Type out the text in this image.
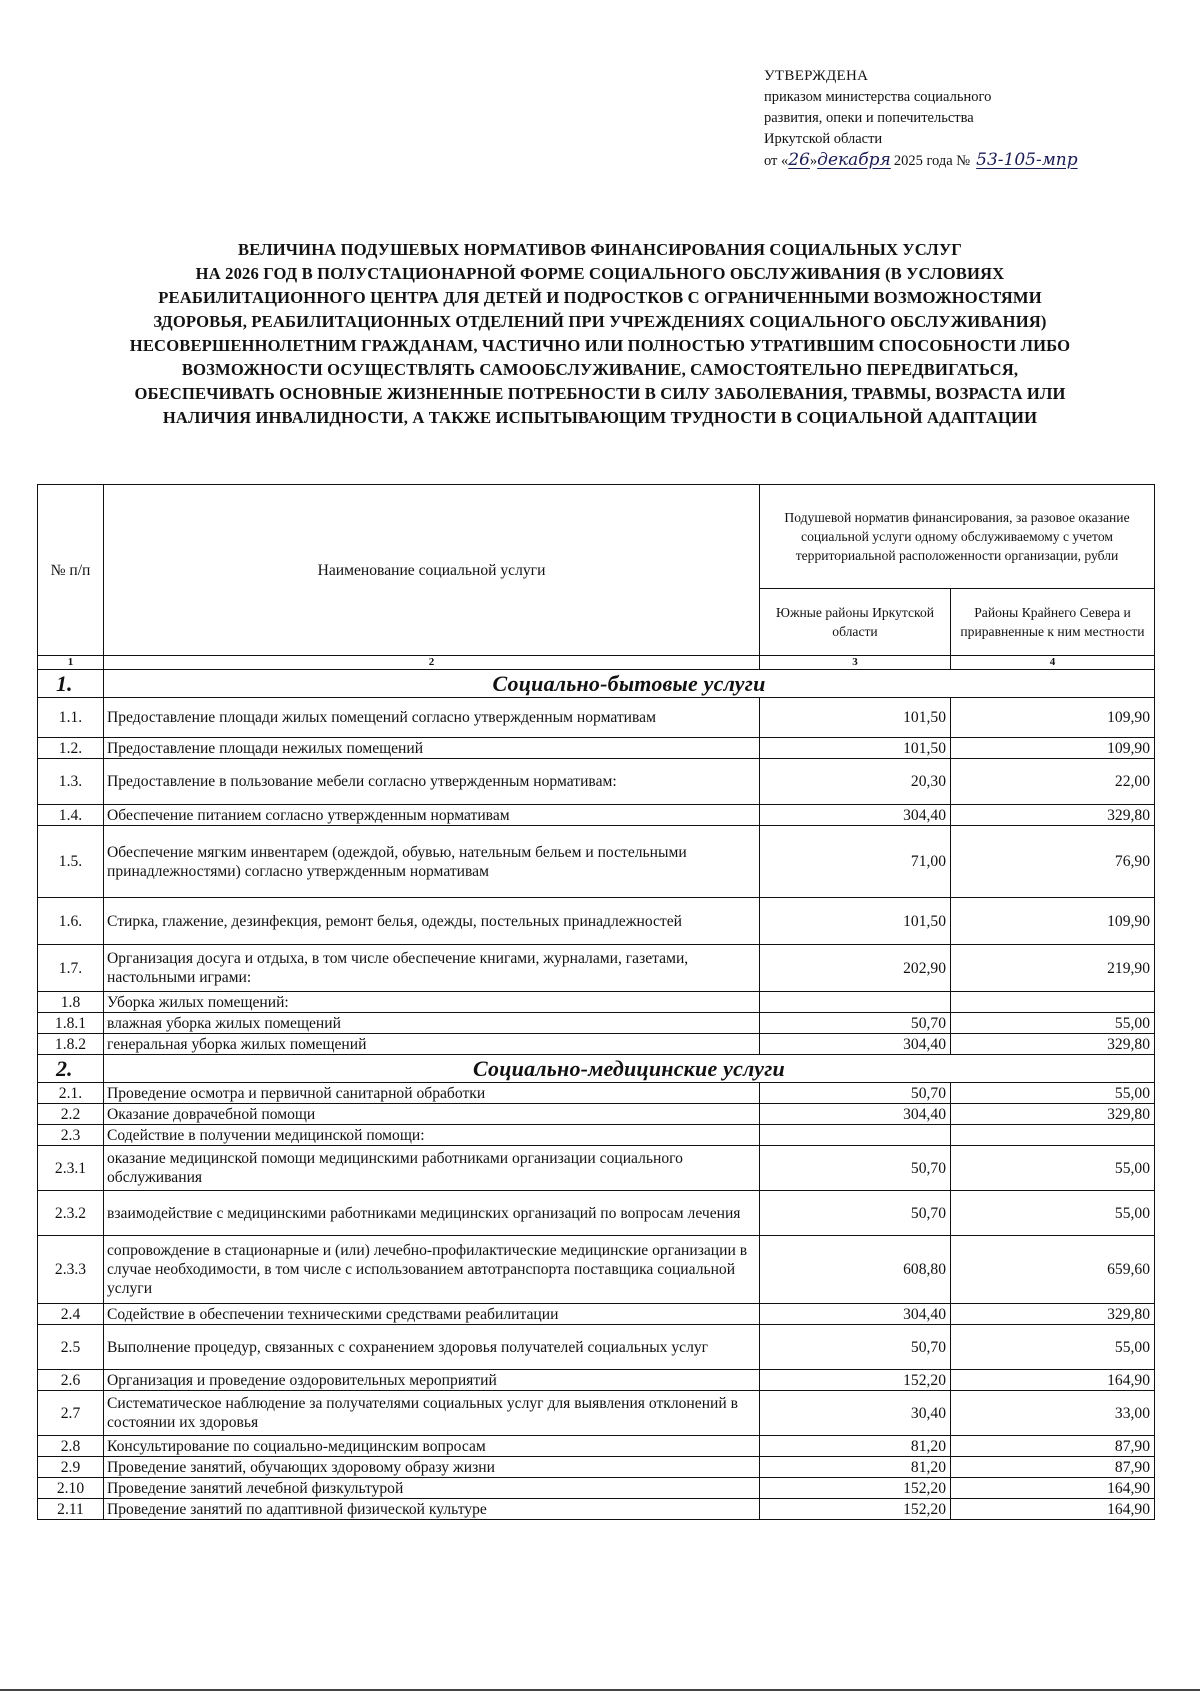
УТВЕРЖДЕНА
приказом министерства социального
развития, опеки и попечительства
Иркутской области
от « 26 » декабря 2025 года № 53-105-мпр
ВЕЛИЧИНА ПОДУШЕВЫХ НОРМАТИВОВ ФИНАНСИРОВАНИЯ СОЦИАЛЬНЫХ УСЛУГ
НА 2026 ГОД В ПОЛУСТАЦИОНАРНОЙ ФОРМЕ СОЦИАЛЬНОГО ОБСЛУЖИВАНИЯ (В УСЛОВИЯХ
РЕАБИЛИТАЦИОННОГО ЦЕНТРА ДЛЯ ДЕТЕЙ И ПОДРОСТКОВ С ОГРАНИЧЕННЫМИ ВОЗМОЖНОСТЯМИ
ЗДОРОВЬЯ, РЕАБИЛИТАЦИОННЫХ ОТДЕЛЕНИЙ ПРИ УЧРЕЖДЕНИЯХ СОЦИАЛЬНОГО ОБСЛУЖИВАНИЯ)
НЕСОВЕРШЕННОЛЕТНИМ ГРАЖДАНАМ, ЧАСТИЧНО ИЛИ ПОЛНОСТЬЮ УТРАТИВШИМ СПОСОБНОСТИ ЛИБО
ВОЗМОЖНОСТИ ОСУЩЕСТВЛЯТЬ САМООБСЛУЖИВАНИЕ, САМОСТОЯТЕЛЬНО ПЕРЕДВИГАТЬСЯ,
ОБЕСПЕЧИВАТЬ ОСНОВНЫЕ ЖИЗНЕННЫЕ ПОТРЕБНОСТИ В СИЛУ ЗАБОЛЕВАНИЯ, ТРАВМЫ, ВОЗРАСТА ИЛИ
НАЛИЧИЯ ИНВАЛИДНОСТИ, А ТАКЖЕ ИСПЫТЫВАЮЩИМ ТРУДНОСТИ В СОЦИАЛЬНОЙ АДАПТАЦИИ
№ п/п	Наименование социальной услуги	Подушевой норматив финансирования, за разовое оказание социальной услуги одному обслуживаемому с учетом территориальной расположенности организации, рубли	
		Южные районы Иркутской области	Районы Крайнего Севера и приравненные к ним местности
1	2	3	4
1.	Социально-бытовые услуги		
1.1.	Предоставление площади жилых помещений согласно утвержденным нормативам	101,50	109,90
1.2.	Предоставление площади нежилых помещений	101,50	109,90
1.3.	Предоставление в пользование мебели согласно утвержденным нормативам:	20,30	22,00
1.4.	Обеспечение питанием согласно утвержденным нормативам	304,40	329,80
1.5.	Обеспечение мягким инвентарем (одеждой, обувью, нательным бельем и постельными принадлежностями) согласно утвержденным нормативам	71,00	76,90
1.6.	Стирка, глажение, дезинфекция, ремонт белья, одежды, постельных принадлежностей	101,50	109,90
1.7.	Организация досуга и отдыха, в том числе обеспечение книгами, журналами, газетами, настольными играми:	202,90	219,90
1.8	Уборка жилых помещений:		
1.8.1	влажная уборка жилых помещений	50,70	55,00
1.8.2	генеральная уборка жилых помещений	304,40	329,80
2.	Социально-медицинские услуги		
2.1.	Проведение осмотра и первичной санитарной обработки	50,70	55,00
2.2	Оказание доврачебной помощи	304,40	329,80
2.3	Содействие в получении медицинской помощи:		
2.3.1	оказание медицинской помощи медицинскими работниками организации социального обслуживания	50,70	55,00
2.3.2	взаимодействие с медицинскими работниками медицинских организаций по вопросам лечения	50,70	55,00
2.3.3	сопровождение в стационарные и (или) лечебно-профилактические медицинские организации в случае необходимости, в том числе с использованием автотранспорта поставщика социальной услуги	608,80	659,60
2.4	Содействие в обеспечении техническими средствами реабилитации	304,40	329,80
2.5	Выполнение процедур, связанных с сохранением здоровья получателей социальных услуг	50,70	55,00
2.6	Организация и проведение оздоровительных мероприятий	152,20	164,90
2.7	Систематическое наблюдение за получателями социальных услуг для выявления отклонений в состоянии их здоровья	30,40	33,00
2.8	Консультирование по социально-медицинским вопросам	81,20	87,90
2.9	Проведение занятий, обучающих здоровому образу жизни	81,20	87,90
2.10	Проведение занятий лечебной физкультурой	152,20	164,90
2.11	Проведение занятий по адаптивной физической культуре	152,20	164,90
